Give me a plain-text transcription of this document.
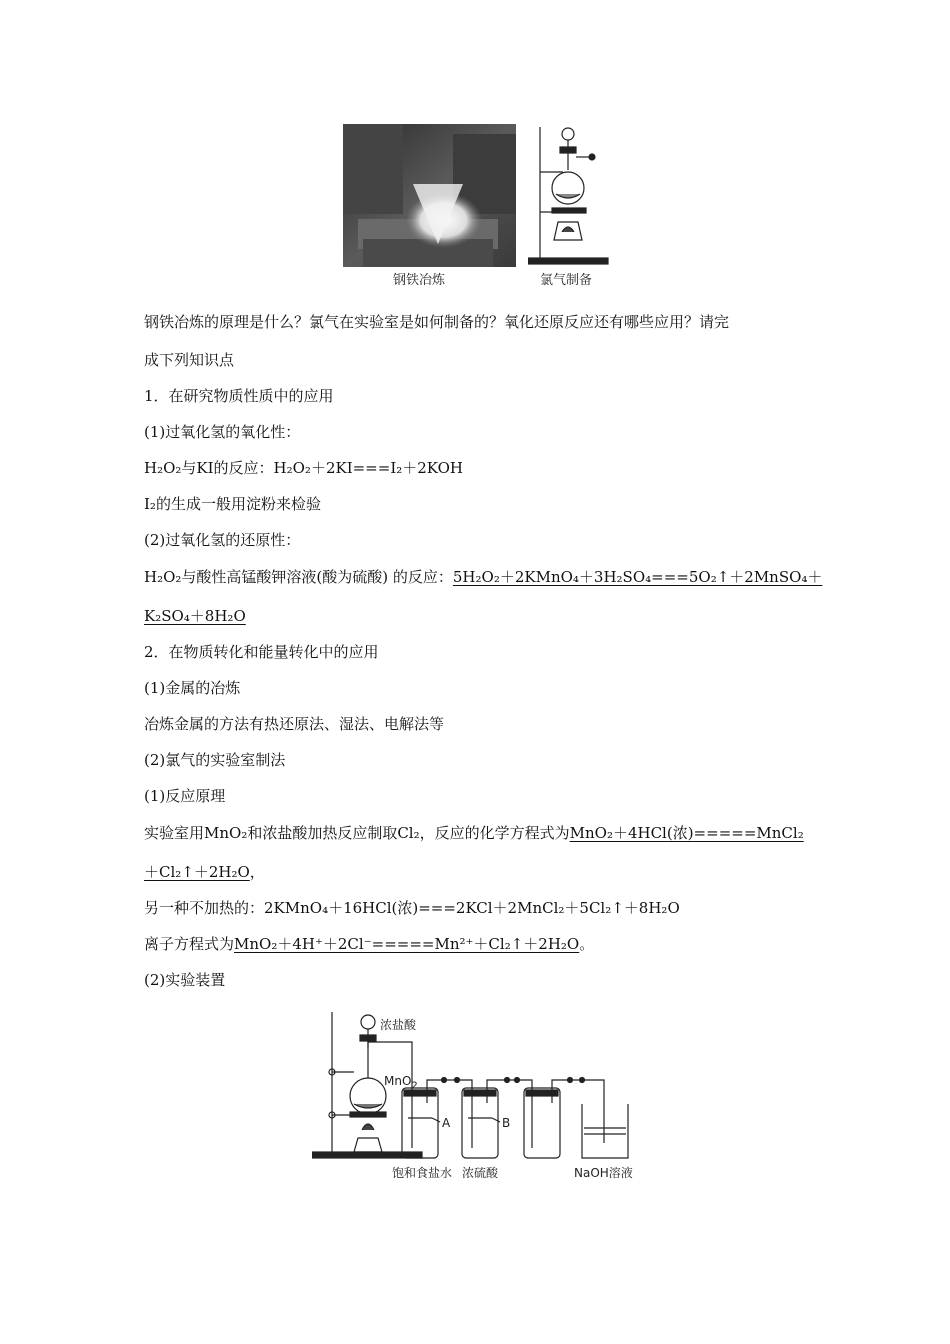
钢铁冶炼	氯气制备
钢铁冶炼的原理是什么？氯气在实验室是如何制备的？氧化还原反应还有哪些应用？请完
成下列知识点
1．在研究物质性质中的应用
(1)过氧化氢的氧化性：
H₂O₂与KI的反应：H₂O₂＋2KI===I₂＋2KOH
I₂的生成一般用淀粉来检验
(2)过氧化氢的还原性：
H₂O₂与酸性高锰酸钾溶液(酸为硫酸) 的反应：5H₂O₂＋2KMnO₄＋3H₂SO₄===5O₂↑＋2MnSO₄＋
K₂SO₄＋8H₂O
2．在物质转化和能量转化中的应用
(1)金属的冶炼
冶炼金属的方法有热还原法、湿法、电解法等
(2)氯气的实验室制法
(1)反应原理
实验室用MnO₂和浓盐酸加热反应制取Cl₂，反应的化学方程式为MnO₂＋4HCl(浓)=====MnCl₂
＋Cl₂↑＋2H₂O，
另一种不加热的：2KMnO₄＋16HCl(浓)===2KCl＋2MnCl₂＋5Cl₂↑＋8H₂O
离子方程式为MnO₂＋4H⁺＋2Cl⁻=====Mn²⁺＋Cl₂↑＋2H₂O。
(2)实验装置
浓盐酸
MnO$_2$
A	B
饱和食盐水 浓硫酸	NaOH溶液
